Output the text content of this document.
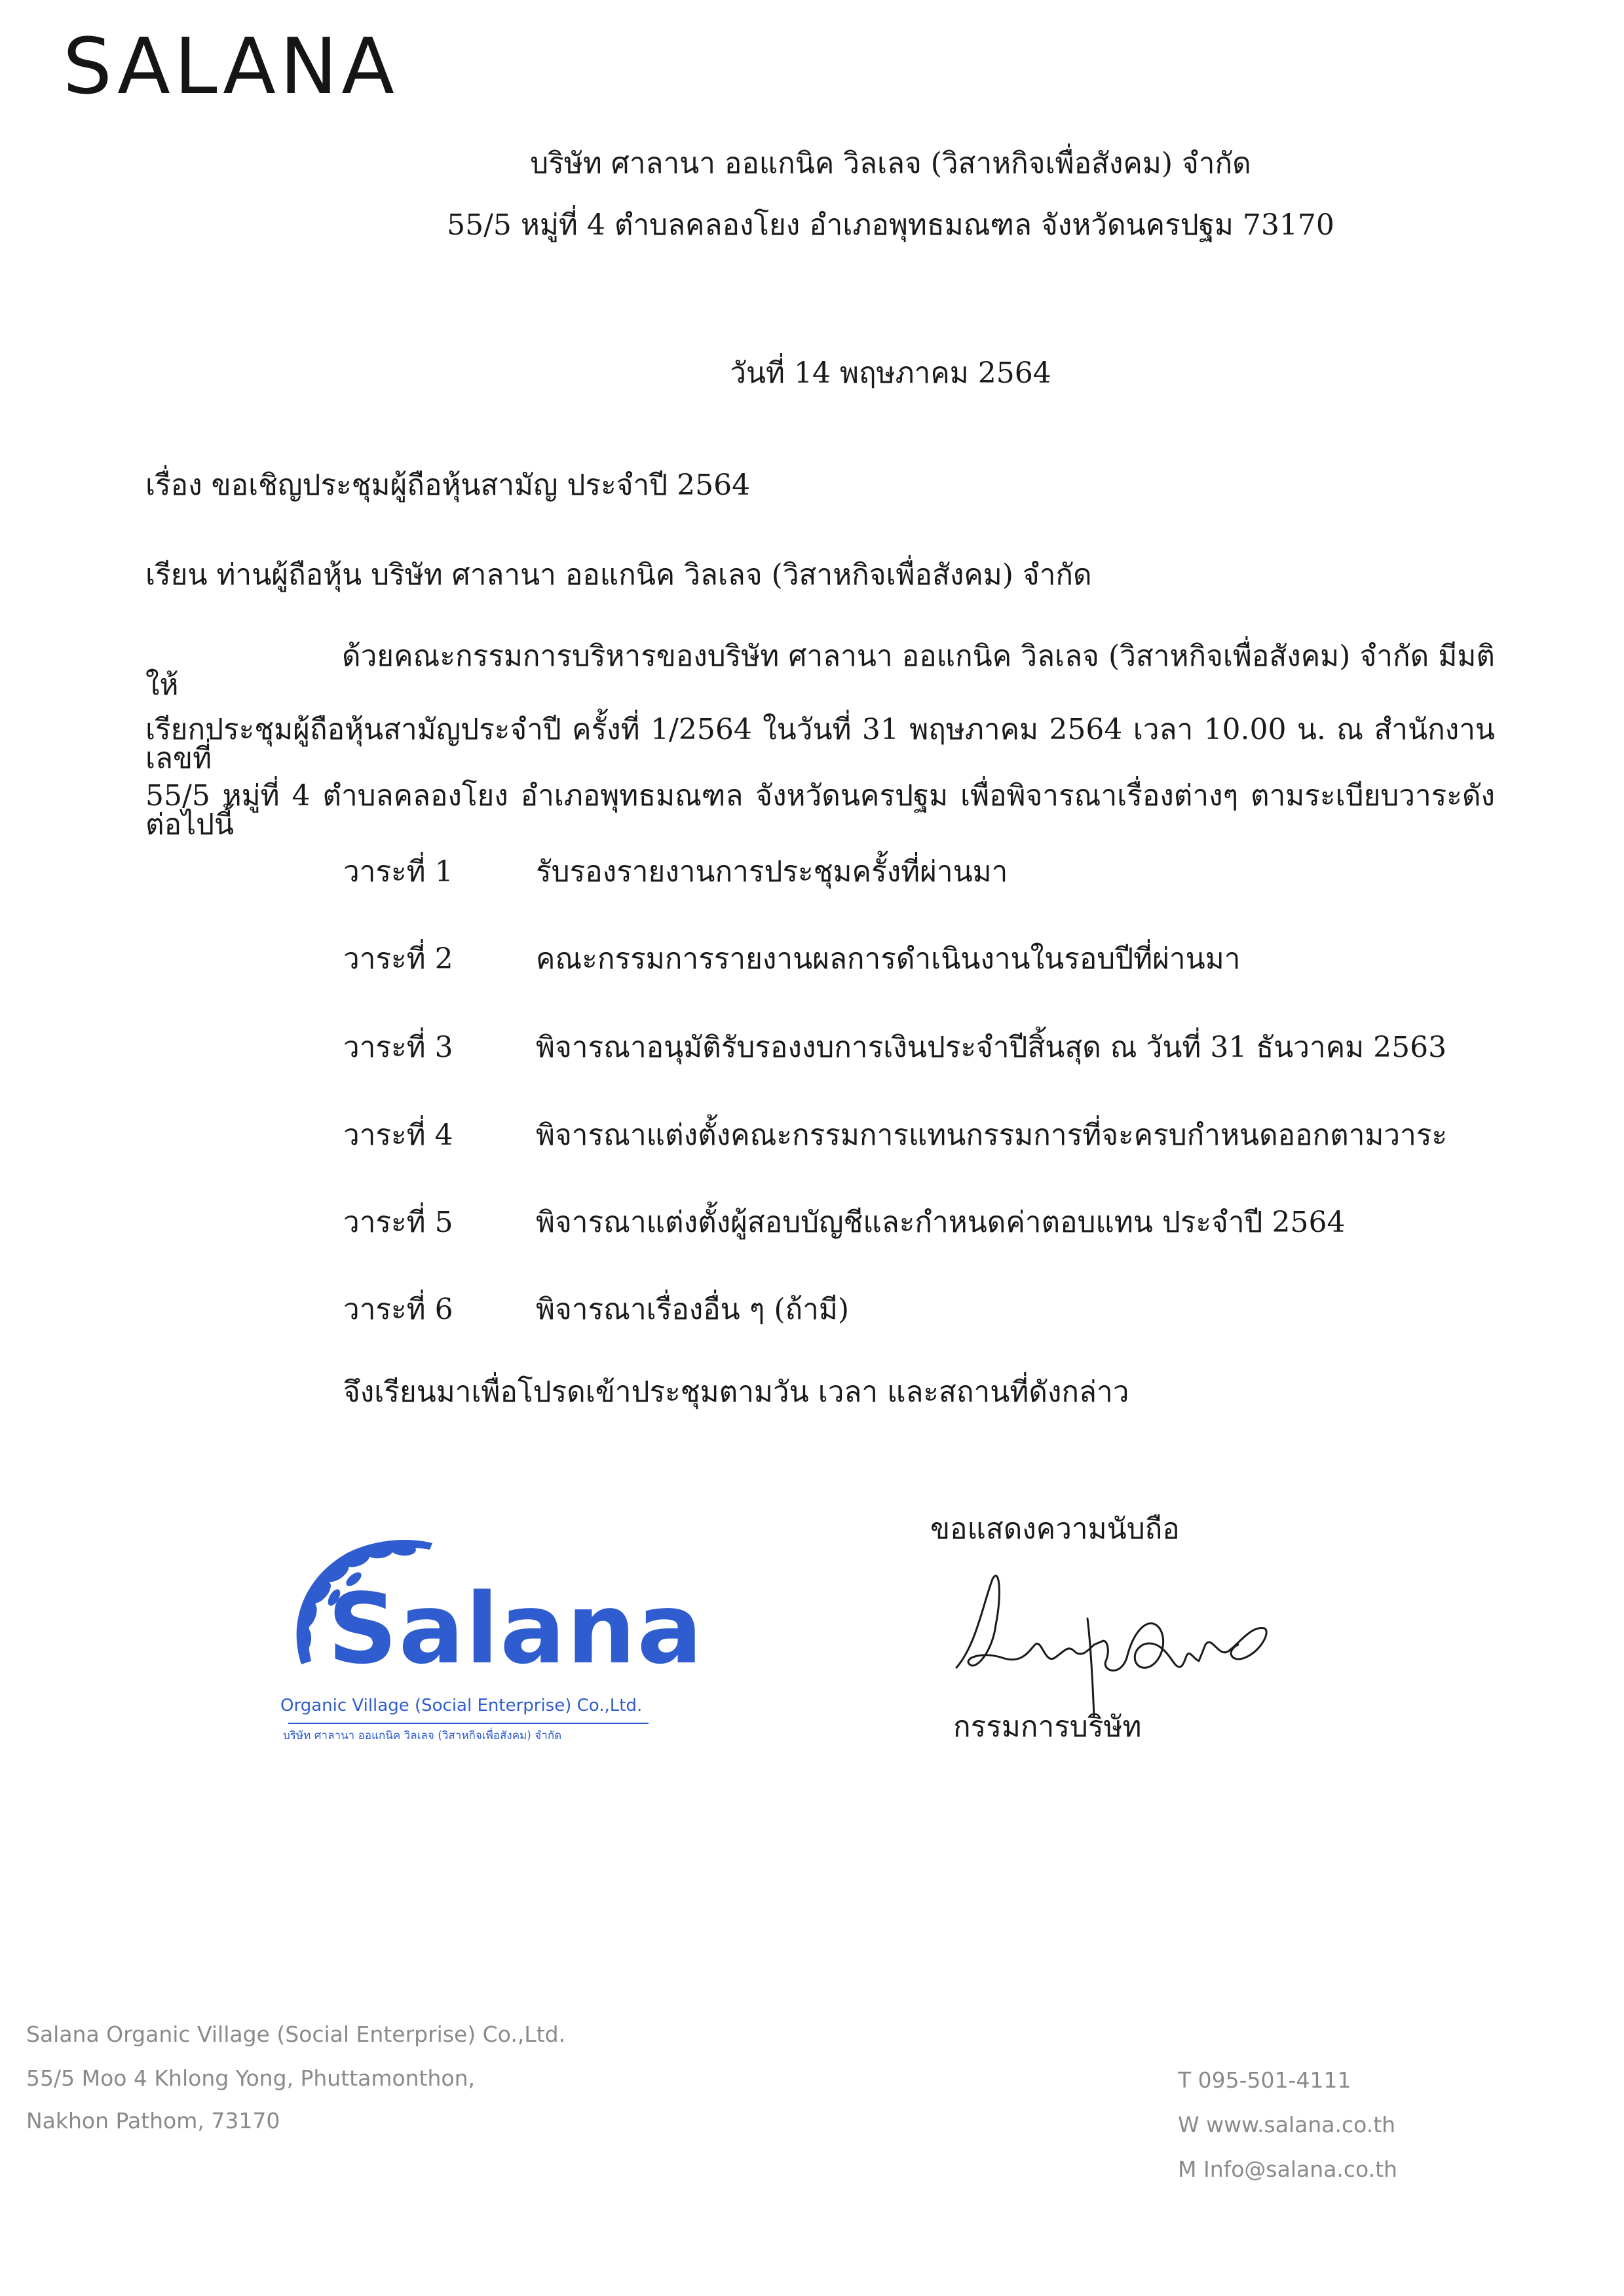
SALANA
บริษัท ศาลานา ออแกนิค วิลเลจ (วิสาหกิจเพื่อสังคม) จำกัด
55/5 หมู่ที่ 4 ตำบลคลองโยง อำเภอพุทธมณฑล จังหวัดนครปฐม 73170
วันที่ 14 พฤษภาคม 2564
เรื่อง ขอเชิญประชุมผู้ถือหุ้นสามัญ ประจำปี 2564
เรียน ท่านผู้ถือหุ้น บริษัท ศาลานา ออแกนิค วิลเลจ (วิสาหกิจเพื่อสังคม) จำกัด
ด้วยคณะกรรมการบริหารของบริษัท ศาลานา ออแกนิค วิลเลจ (วิสาหกิจเพื่อสังคม) จำกัด มีมติให้
เรียกประชุมผู้ถือหุ้นสามัญประจำปี ครั้งที่ 1/2564 ในวันที่ 31 พฤษภาคม 2564 เวลา 10.00 น. ณ สำนักงานเลขที่
55/5 หมู่ที่ 4 ตำบลคลองโยง อำเภอพุทธมณฑล จังหวัดนครปฐม เพื่อพิจารณาเรื่องต่างๆ ตามระเบียบวาระดังต่อไปนี้
วาระที่ 1	รับรองรายงานการประชุมครั้งที่ผ่านมา
วาระที่ 2	คณะกรรมการรายงานผลการดำเนินงานในรอบปีที่ผ่านมา
วาระที่ 3	พิจารณาอนุมัติรับรองงบการเงินประจำปีสิ้นสุด ณ วันที่ 31 ธันวาคม 2563
วาระที่ 4	พิจารณาแต่งตั้งคณะกรรมการแทนกรรมการที่จะครบกำหนดออกตามวาระ
วาระที่ 5	พิจารณาแต่งตั้งผู้สอบบัญชีและกำหนดค่าตอบแทน ประจำปี 2564
วาระที่ 6	พิจารณาเรื่องอื่น ๆ (ถ้ามี)
จึงเรียนมาเพื่อโปรดเข้าประชุมตามวัน เวลา และสถานที่ดังกล่าว
ขอแสดงความนับถือ
กรรมการบริษัท
Salana
Organic Village (Social Enterprise) Co.,Ltd.
บริษัท ศาลานา ออแกนิค วิลเลจ (วิสาหกิจเพื่อสังคม) จำกัด
Salana Organic Village (Social Enterprise) Co.,Ltd.
55/5 Moo 4 Khlong Yong, Phuttamonthon,
Nakhon Pathom, 73170
T 095-501-4111
W www.salana.co.th
M Info@salana.co.th
